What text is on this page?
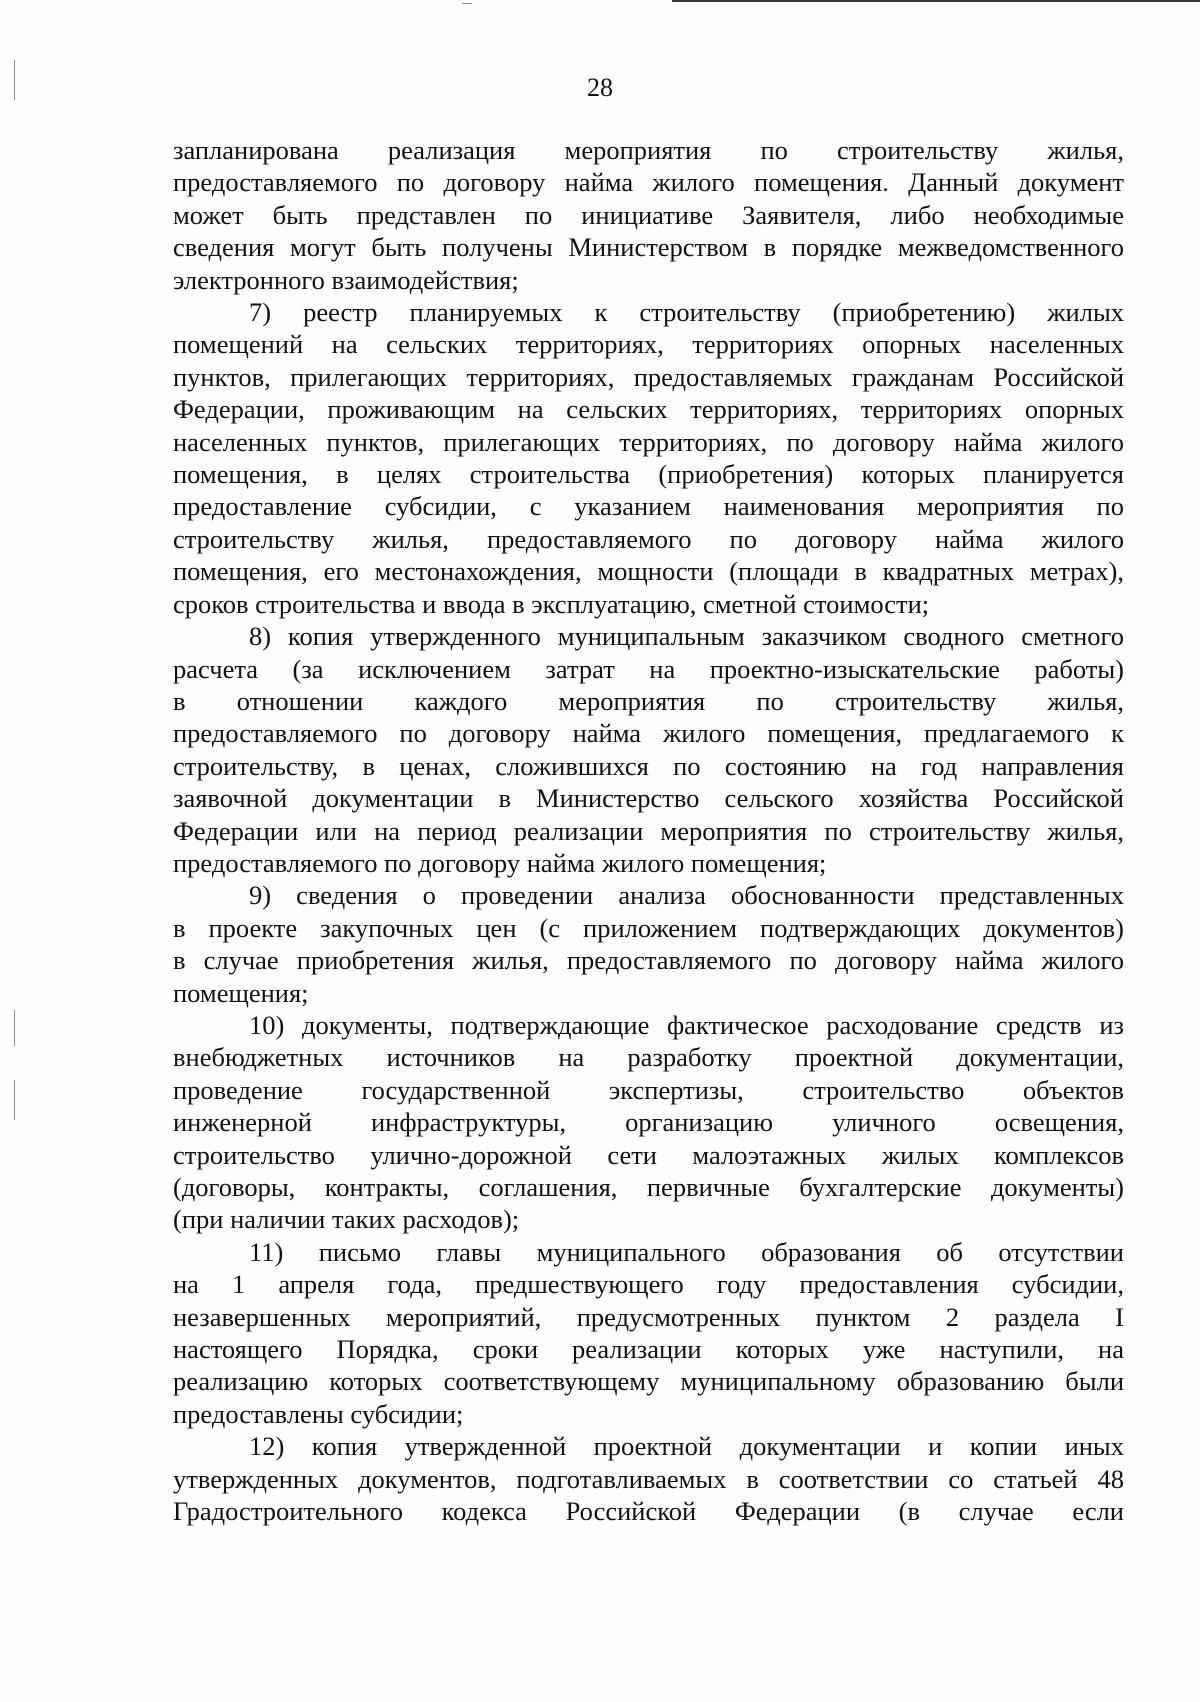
28
запланирована реализация мероприятия по строительству жилья,
предоставляемого по договору найма жилого помещения. Данный документ
может быть представлен по инициативе Заявителя, либо необходимые
сведения могут быть получены Министерством в порядке межведомственного
электронного взаимодействия;
7) реестр планируемых к строительству (приобретению) жилых
помещений на сельских территориях, территориях опорных населенных
пунктов, прилегающих территориях, предоставляемых гражданам Российской
Федерации, проживающим на сельских территориях, территориях опорных
населенных пунктов, прилегающих территориях, по договору найма жилого
помещения, в целях строительства (приобретения) которых планируется
предоставление субсидии, с указанием наименования мероприятия по
строительству жилья, предоставляемого по договору найма жилого
помещения, его местонахождения, мощности (площади в квадратных метрах),
сроков строительства и ввода в эксплуатацию, сметной стоимости;
8) копия утвержденного муниципальным заказчиком сводного сметного
расчета (за исключением затрат на проектно-изыскательские работы)
в отношении каждого мероприятия по строительству жилья,
предоставляемого по договору найма жилого помещения, предлагаемого к
строительству, в ценах, сложившихся по состоянию на год направления
заявочной документации в Министерство сельского хозяйства Российской
Федерации или на период реализации мероприятия по строительству жилья,
предоставляемого по договору найма жилого помещения;
9) сведения о проведении анализа обоснованности представленных
в проекте закупочных цен (с приложением подтверждающих документов)
в случае приобретения жилья, предоставляемого по договору найма жилого
помещения;
10) документы, подтверждающие фактическое расходование средств из
внебюджетных источников на разработку проектной документации,
проведение государственной экспертизы, строительство объектов
инженерной инфраструктуры, организацию уличного освещения,
строительство улично-дорожной сети малоэтажных жилых комплексов
(договоры, контракты, соглашения, первичные бухгалтерские документы)
(при наличии таких расходов);
11) письмо главы муниципального образования об отсутствии
на 1 апреля года, предшествующего году предоставления субсидии,
незавершенных мероприятий, предусмотренных пунктом 2 раздела I
настоящего Порядка, сроки реализации которых уже наступили, на
реализацию которых соответствующему муниципальному образованию были
предоставлены субсидии;
12) копия утвержденной проектной документации и копии иных
утвержденных документов, подготавливаемых в соответствии со статьей 48
Градостроительного кодекса Российской Федерации (в случае если
